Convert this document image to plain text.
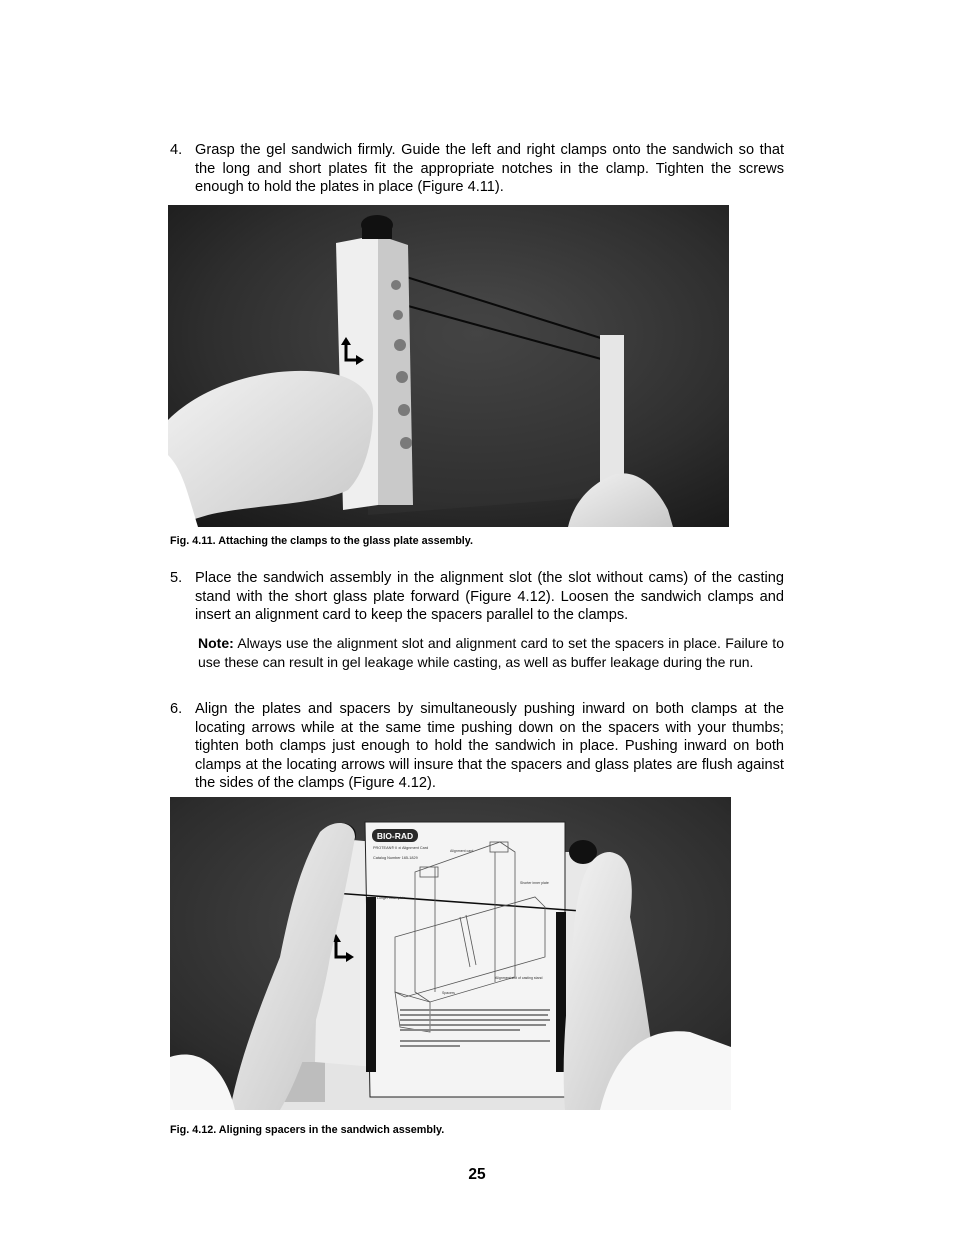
4. Grasp the gel sandwich firmly. Guide the left and right clamps onto the sandwich so that the long and short plates fit the appropriate notches in the clamp. Tighten the screws enough to hold the plates in place (Figure 4.11).
Fig. 4.11. Attaching the clamps to the glass plate assembly.
5. Place the sandwich assembly in the alignment slot (the slot without cams) of the casting stand with the short glass plate forward (Figure 4.12). Loosen the sandwich clamps and insert an alignment card to keep the spacers parallel to the clamps.
Note: Always use the alignment slot and alignment card to set the spacers in place. Failure to use these can result in gel leakage while casting, as well as buffer leakage during the run.
6. Align the plates and spacers by simultaneously pushing inward on both clamps at the locating arrows while at the same time pushing down on the spacers with your thumbs; tighten both clamps just enough to hold the sandwich in place. Pushing inward on both clamps at the locating arrows will insure that the spacers and glass plates are flush against the sides of the clamps (Figure 4.12).
BIO-RAD
PROTEAN® II xi Alignment Card
Catalog Number 165-1829
Alignment card
Shorter inner plate
Longer outer plate
Alignment slot of casting stand
Spacers
Fig. 4.12. Aligning spacers in the sandwich assembly.
25
